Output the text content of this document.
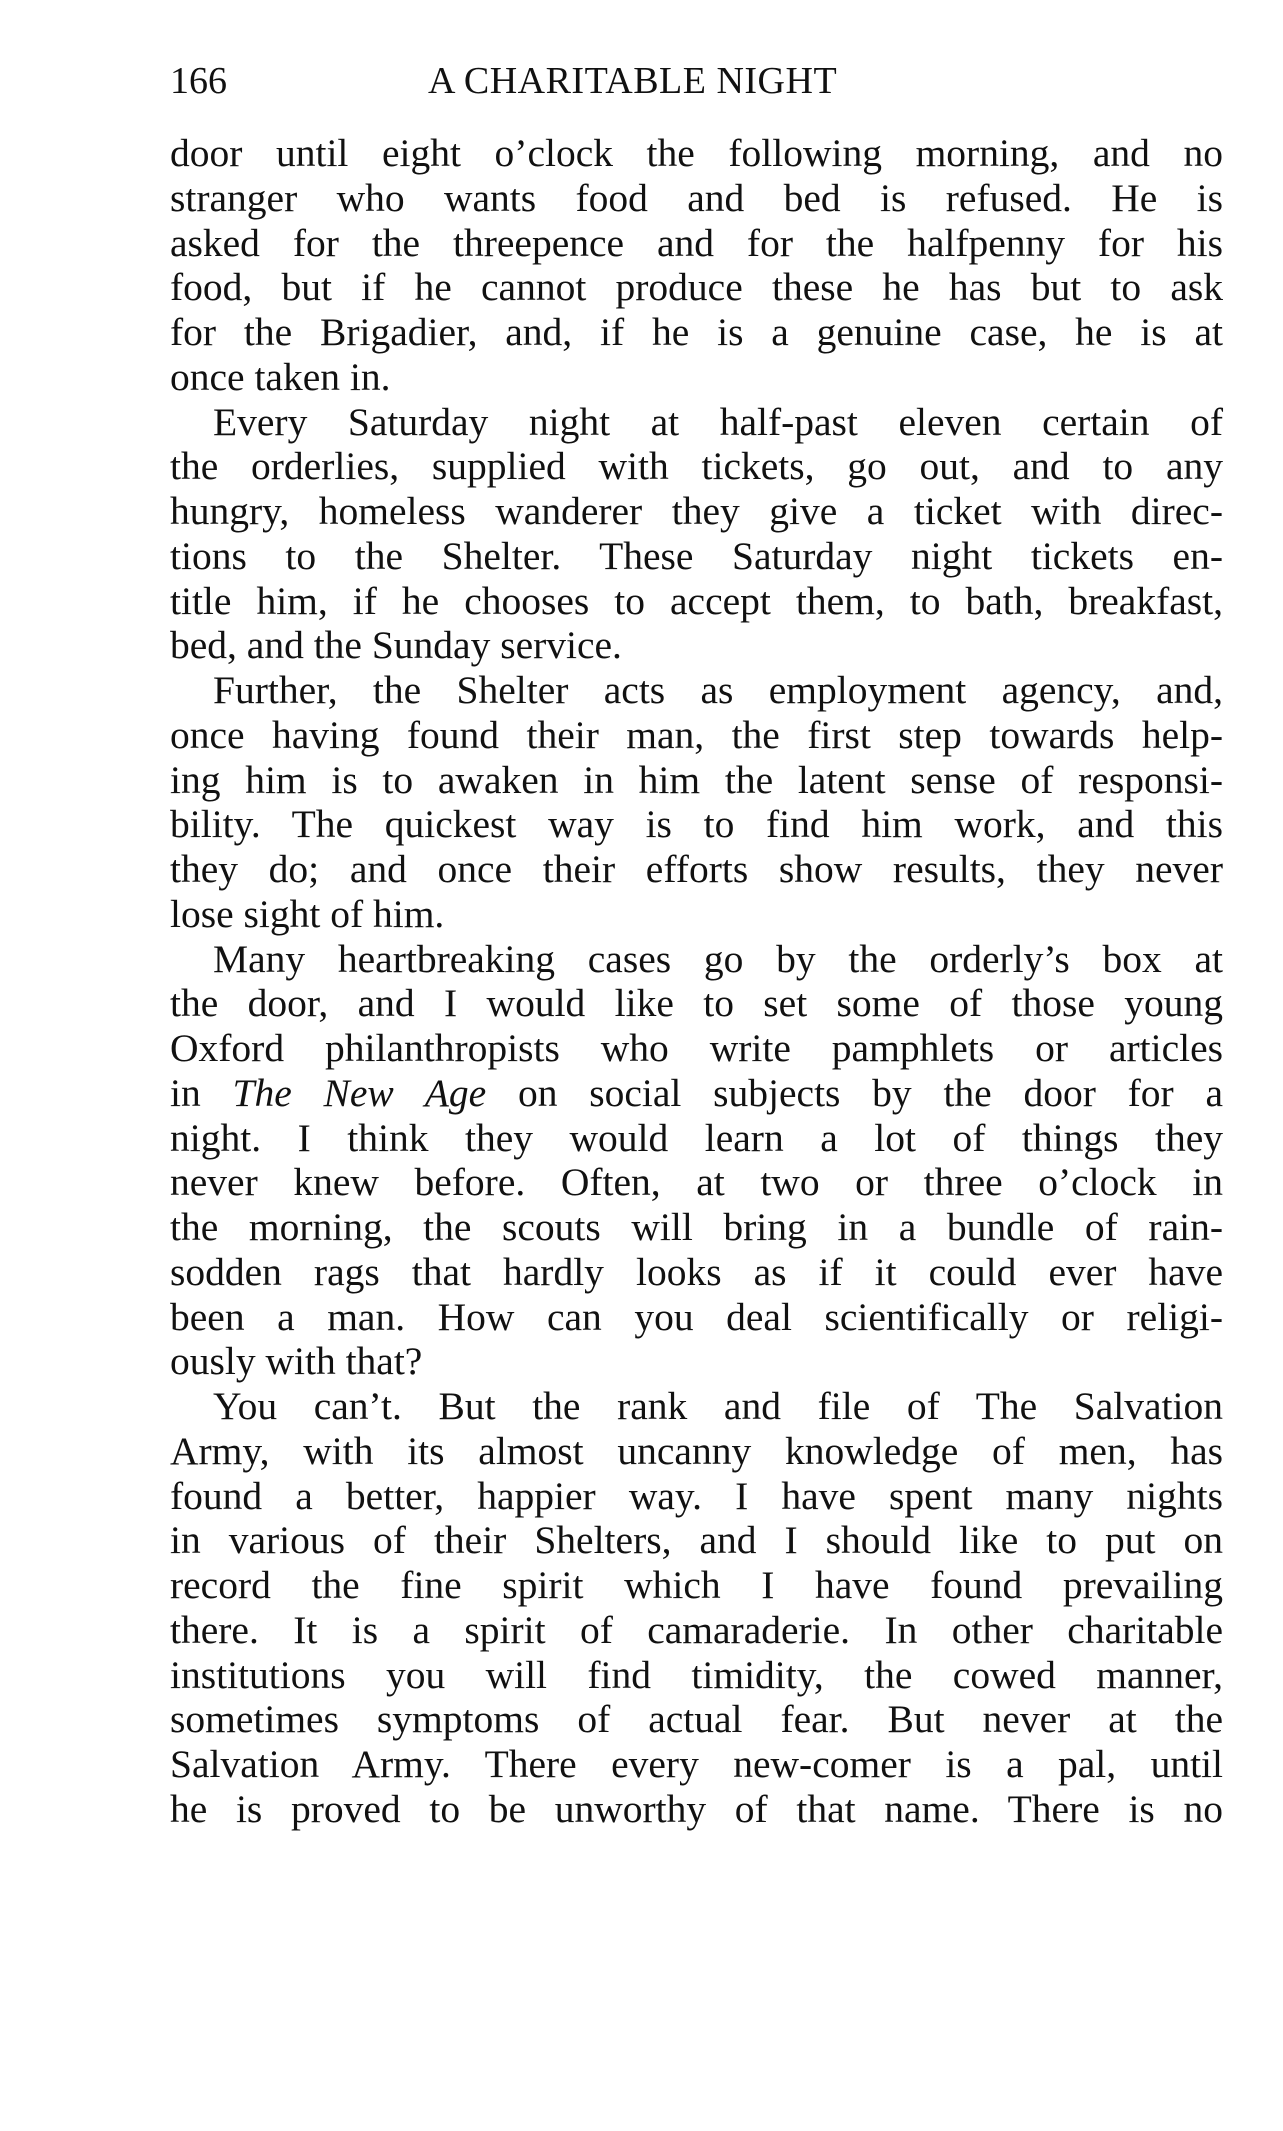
166	A CHARITABLE NIGHT
door until eight o’clock the following morning, and no
stranger who wants food and bed is refused. He is
asked for the threepence and for the halfpenny for his
food, but if he cannot produce these he has but to ask
for the Brigadier, and, if he is a genuine case, he is at
once taken in.
Every Saturday night at half-past eleven certain of
the orderlies, supplied with tickets, go out, and to any
hungry, homeless wanderer they give a ticket with direc-
tions to the Shelter. These Saturday night tickets en-
title him, if he chooses to accept them, to bath, breakfast,
bed, and the Sunday service.
Further, the Shelter acts as employment agency, and,
once having found their man, the first step towards help-
ing him is to awaken in him the latent sense of responsi-
bility. The quickest way is to find him work, and this
they do; and once their efforts show results, they never
lose sight of him.
Many heartbreaking cases go by the orderly’s box at
the door, and I would like to set some of those young
Oxford philanthropists who write pamphlets or articles
in The New Age on social subjects by the door for a
night. I think they would learn a lot of things they
never knew before. Often, at two or three o’clock in
the morning, the scouts will bring in a bundle of rain-
sodden rags that hardly looks as if it could ever have
been a man. How can you deal scientifically or religi-
ously with that?
You can’t. But the rank and file of The Salvation
Army, with its almost uncanny knowledge of men, has
found a better, happier way. I have spent many nights
in various of their Shelters, and I should like to put on
record the fine spirit which I have found prevailing
there. It is a spirit of camaraderie. In other charitable
institutions you will find timidity, the cowed manner,
sometimes symptoms of actual fear. But never at the
Salvation Army. There every new-comer is a pal, until
he is proved to be unworthy of that name. There is no
